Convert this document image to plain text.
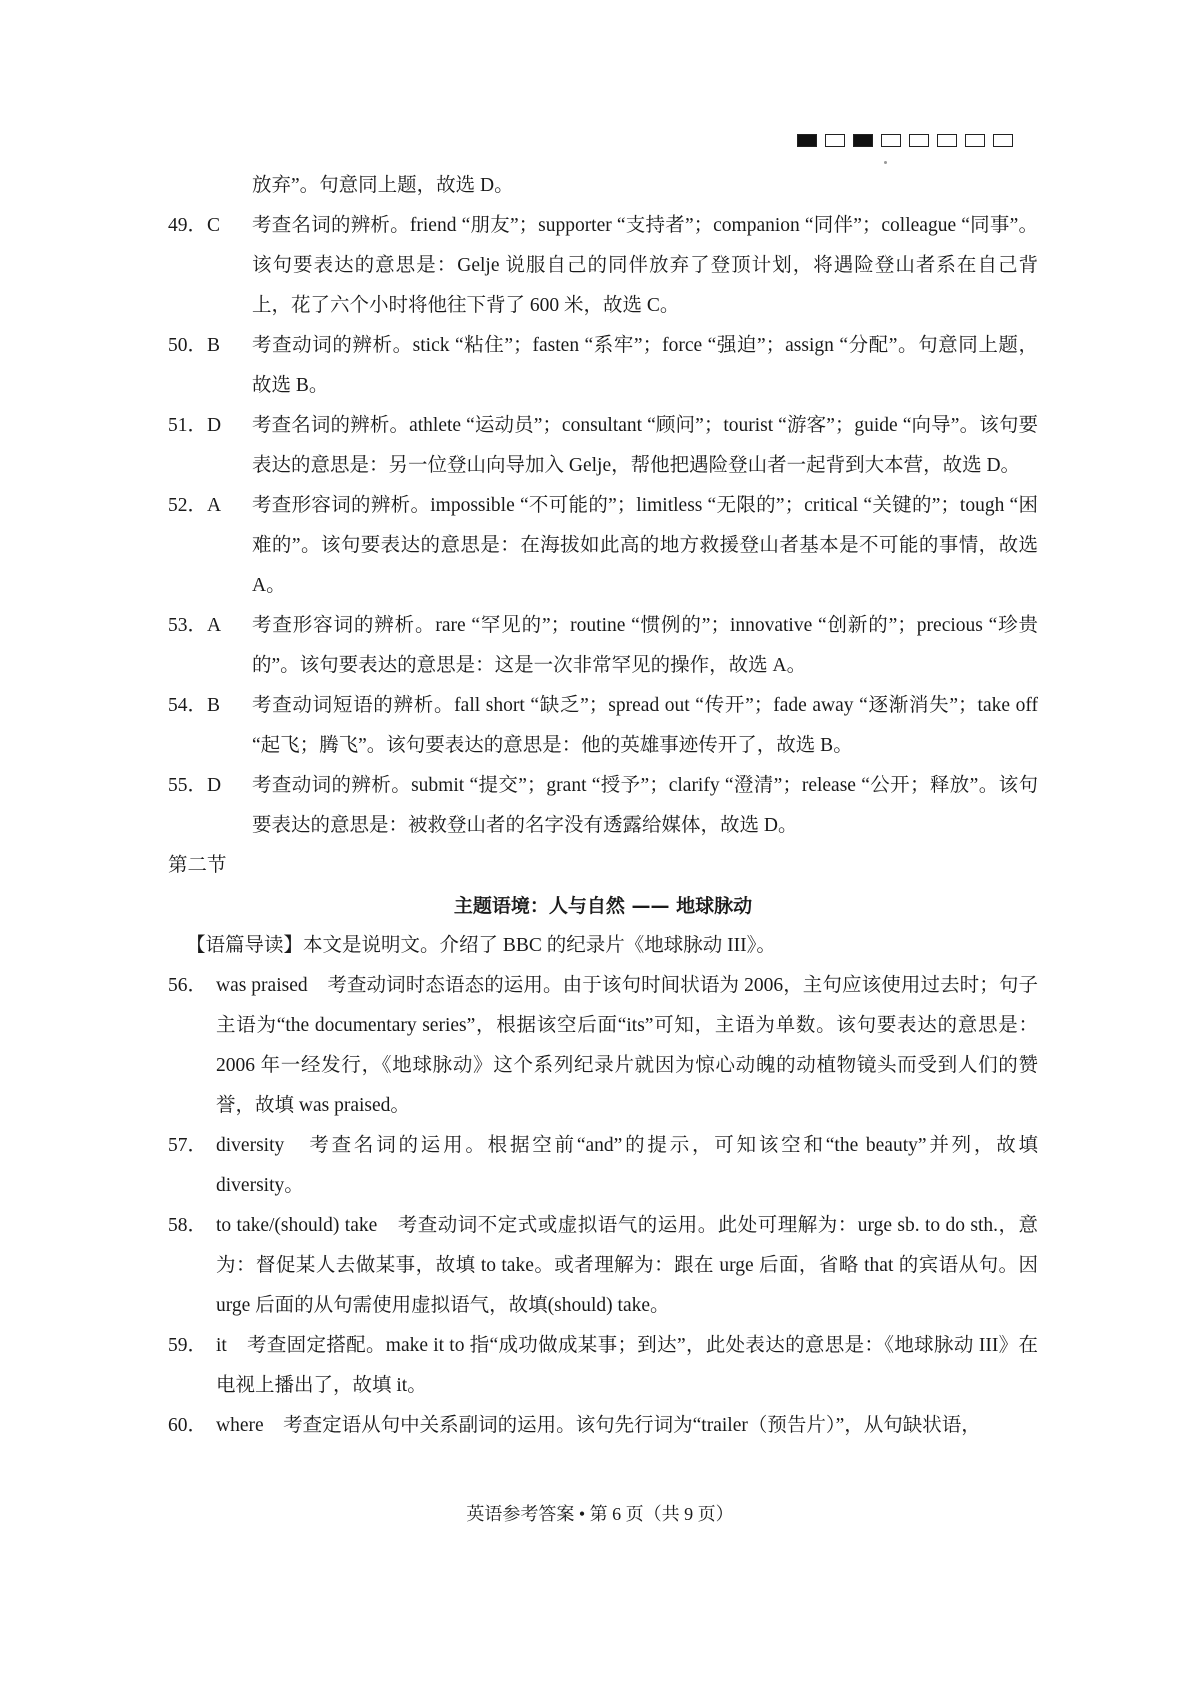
放弃”。句意同上题，故选 D。
49．C 考查名词的辨析。friend “朋友”；supporter “支持者”；companion “同伴”；colleague “同事”。该句要表达的意思是：Gelje 说服自己的同伴放弃了登顶计划，将遇险登山者系在自己背上，花了六个小时将他往下背了 600 米，故选 C。
50．B 考查动词的辨析。stick “粘住”；fasten “系牢”；force “强迫”；assign “分配”。句意同上题，故选 B。
51．D 考查名词的辨析。athlete “运动员”；consultant “顾问”；tourist “游客”；guide “向导”。该句要表达的意思是：另一位登山向导加入 Gelje，帮他把遇险登山者一起背到大本营，故选 D。
52．A 考查形容词的辨析。impossible “不可能的”；limitless “无限的”；critical “关键的”；tough “困难的”。该句要表达的意思是：在海拔如此高的地方救援登山者基本是不可能的事情，故选 A。
53．A 考查形容词的辨析。rare “罕见的”；routine “惯例的”；innovative “创新的”；precious “珍贵的”。该句要表达的意思是：这是一次非常罕见的操作，故选 A。
54．B 考查动词短语的辨析。fall short “缺乏”；spread out “传开”；fade away “逐渐消失”；take off “起飞；腾飞”。该句要表达的意思是：他的英雄事迹传开了，故选 B。
55．D 考查动词的辨析。submit “提交”；grant “授予”；clarify “澄清”；release “公开；释放”。该句要表达的意思是：被救登山者的名字没有透露给媒体，故选 D。
第二节
主题语境：人与自然 —— 地球脉动
【语篇导读】本文是说明文。介绍了 BBC 的纪录片《地球脉动 III》。
56． was praised　考查动词时态语态的运用。由于该句时间状语为 2006，主句应该使用过去时；句子主语为“the documentary series”，根据该空后面“its”可知，主语为单数。该句要表达的意思是：2006 年一经发行，《地球脉动》这个系列纪录片就因为惊心动魄的动植物镜头而受到人们的赞誉，故填 was praised。
57． diversity　考查名词的运用。根据空前“and”的提示，可知该空和“the beauty”并列，故填 diversity。
58． to take/(should) take　考查动词不定式或虚拟语气的运用。此处可理解为：urge sb. to do sth.，意为：督促某人去做某事，故填 to take。或者理解为：跟在 urge 后面，省略 that 的宾语从句。因 urge 后面的从句需使用虚拟语气，故填(should) take。
59． it　考查固定搭配。make it to 指“成功做成某事；到达”，此处表达的意思是：《地球脉动 III》在电视上播出了，故填 it。
60． where　考查定语从句中关系副词的运用。该句先行词为“trailer（预告片）”，从句缺状语，
英语参考答案 • 第 6 页（共 9 页）
